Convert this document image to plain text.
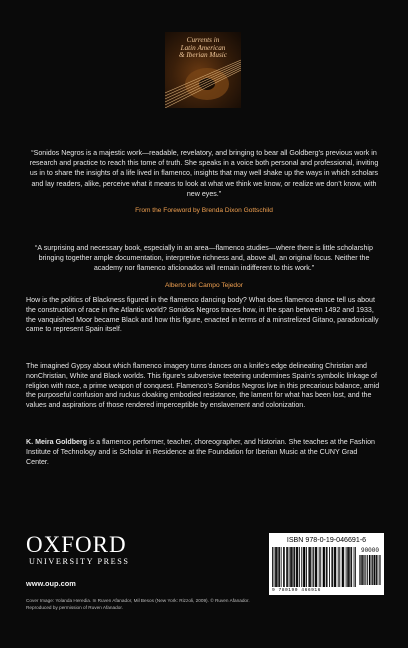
Currents in
Latin American
& Iberian Music
“Sonidos Negros is a majestic work—readable, revelatory, and bringing to bear all Goldberg’s previous work in research and practice to reach this tome of truth. She speaks in a voice both personal and professional, inviting us in to share the insights of a life lived in flamenco, insights that may well shake up the ways in which scholars and lay readers, alike, perceive what it means to look at what we think we know, or realize we don’t know, with new eyes.”
From the Foreword by Brenda Dixon Gottschild
“A surprising and necessary book, especially in an area—flamenco studies—where there is little scholarship bringing together ample documentation, interpretive richness and, above all, an original focus. Neither the academy nor flamenco aficionados will remain indifferent to this work.”
Alberto del Campo Tejedor
How is the politics of Blackness figured in the flamenco dancing body? What does flamenco dance tell us about the construction of race in the Atlantic world? Sonidos Negros traces how, in the span between 1492 and 1933, the vanquished Moor became Black and how this figure, enacted in terms of a minstrelized Gitano, paradoxically came to represent Spain itself.
The imagined Gypsy about which flamenco imagery turns dances on a knife’s edge delineating Christian and nonChristian, White and Black worlds. This figure’s subversive teetering undermines Spain’s symbolic linkage of religion with race, a prime weapon of conquest. Flamenco’s Sonidos Negros live in this precarious balance, amid the purposeful confusion and ruckus cloaking embodied resistance, the lament for what has been lost, and the values and aspirations of those rendered imperceptible by enslavement and colonization.
K. Meira Goldberg is a flamenco performer, teacher, choreographer, and historian. She teaches at the Fashion Institute of Technology and is Scholar in Residence at the Foundation for Iberian Music at the CUNY Grad Center.
OXFORD
UNIVERSITY PRESS
www.oup.com
Cover Image: Yolanda Heredia. In Ruven Afanador, Mil Besos (New York: Rizzoli, 2009). © Ruven Afanador. Reproduced by permission of Ruven Afanador.
ISBN 978-0-19-046691-6
9 780190 466916
90000
